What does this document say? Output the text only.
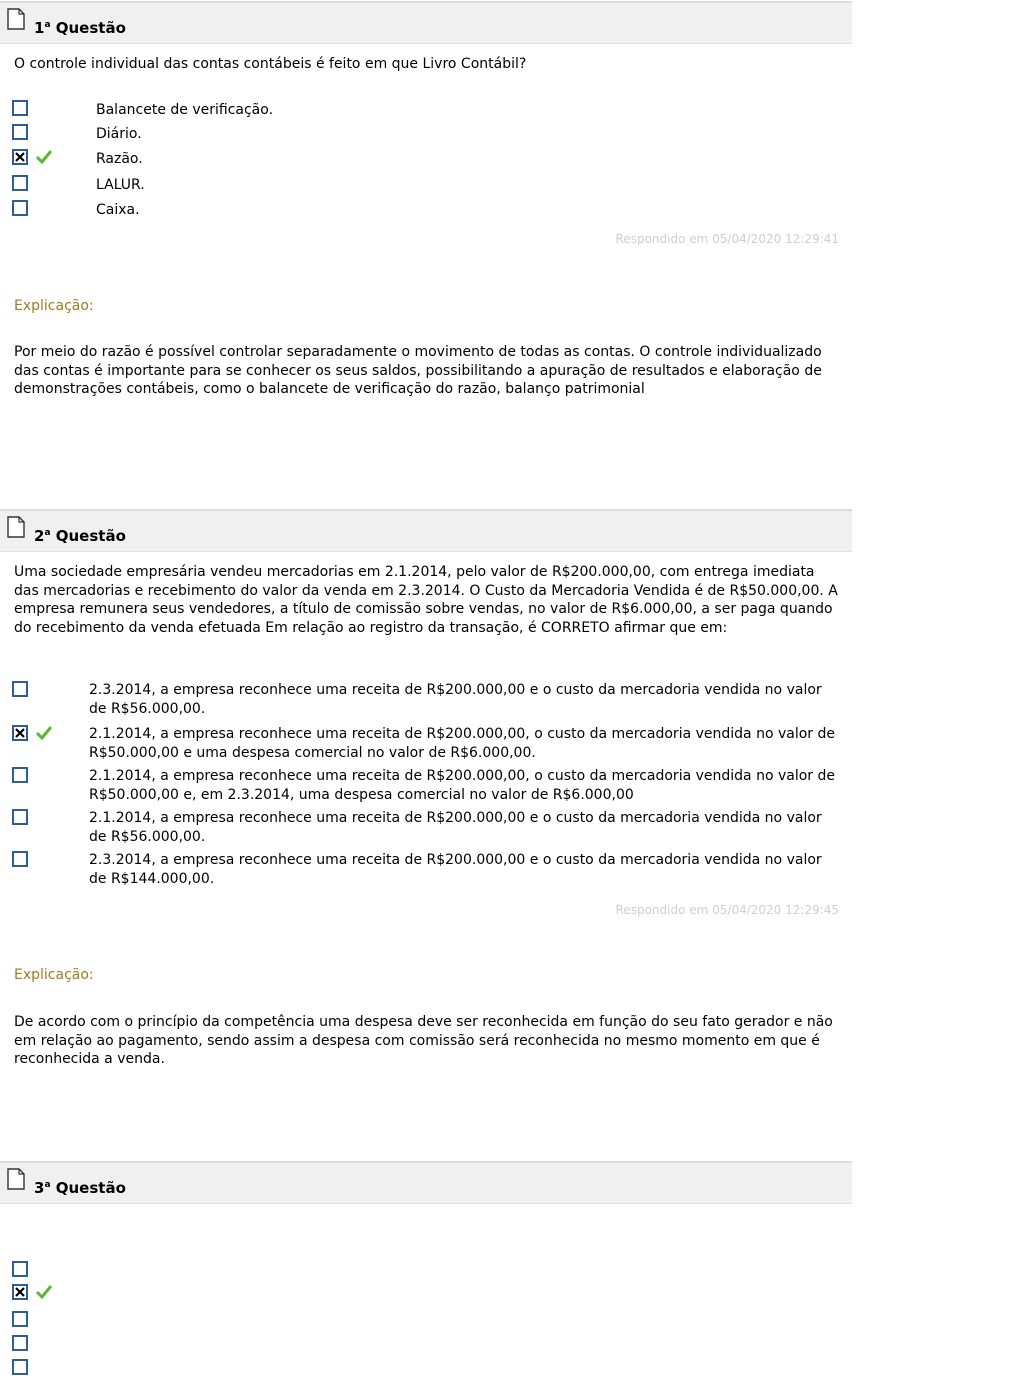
1$^a$ Questão
O controle individual das contas contábeis é feito em que Livro Contábil?
Balancete de verificação.
Diário.
Razão.
LALUR.
Caixa.
Respondido em 05/04/2020 12:29:41
Explicação:
Por meio do razão é possível controlar separadamente o movimento de todas as contas. O controle individualizado das contas é importante para se conhecer os seus saldos, possibilitando a apuração de resultados e elaboração de demonstrações contábeis, como o balancete de verificação do razão, balanço patrimonial
2$^a$ Questão
Uma sociedade empresária vendeu mercadorias em 2.1.2014, pelo valor de R$200.000,00, com entrega imediata das mercadorias e recebimento do valor da venda em 2.3.2014. O Custo da Mercadoria Vendida é de R$50.000,00. A empresa remunera seus vendedores, a título de comissão sobre vendas, no valor de R$6.000,00, a ser paga quando do recebimento da venda efetuada Em relação ao registro da transação, é CORRETO afirmar que em:
2.3.2014, a empresa reconhece uma receita de R$200.000,00 e o custo da mercadoria vendida no valor de R$56.000,00.
2.1.2014, a empresa reconhece uma receita de R$200.000,00, o custo da mercadoria vendida no valor de R$50.000,00 e uma despesa comercial no valor de R$6.000,00.
2.1.2014, a empresa reconhece uma receita de R$200.000,00, o custo da mercadoria vendida no valor de R$50.000,00 e, em 2.3.2014, uma despesa comercial no valor de R$6.000,00
2.1.2014, a empresa reconhece uma receita de R$200.000,00 e o custo da mercadoria vendida no valor de R$56.000,00.
2.3.2014, a empresa reconhece uma receita de R$200.000,00 e o custo da mercadoria vendida no valor de R$144.000,00.
Respondido em 05/04/2020 12:29:45
Explicação:
De acordo com o princípio da competência uma despesa deve ser reconhecida em função do seu fato gerador e não em relação ao pagamento, sendo assim a despesa com comissão será reconhecida no mesmo momento em que é reconhecida a venda.
3$^a$ Questão
